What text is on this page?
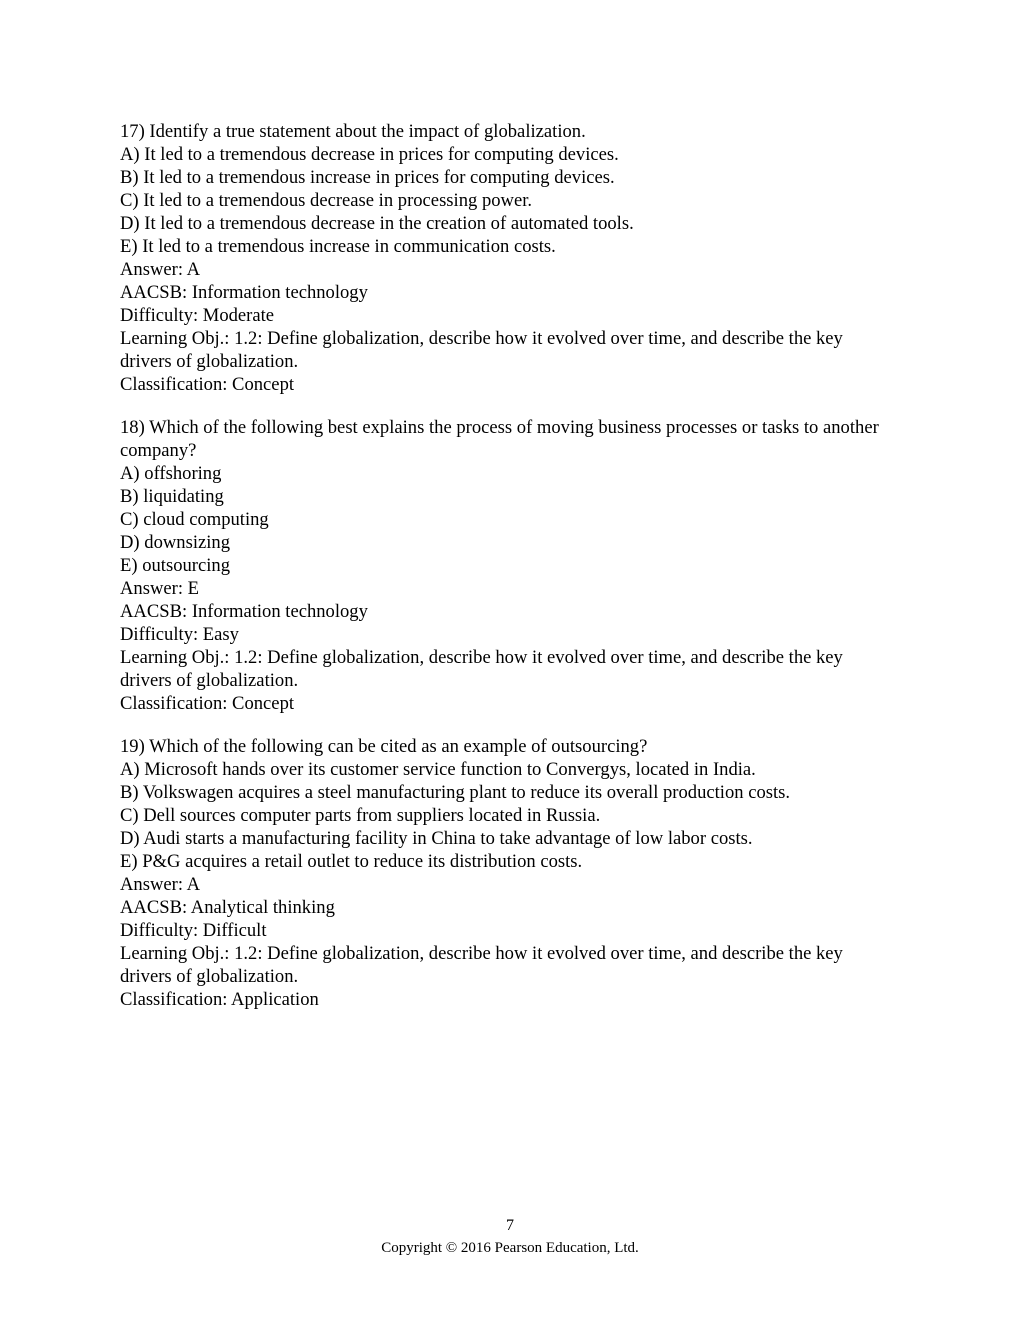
17) Identify a true statement about the impact of globalization.
A) It led to a tremendous decrease in prices for computing devices.
B) It led to a tremendous increase in prices for computing devices.
C) It led to a tremendous decrease in processing power.
D) It led to a tremendous decrease in the creation of automated tools.
E) It led to a tremendous increase in communication costs.
Answer: A
AACSB: Information technology
Difficulty: Moderate
Learning Obj.: 1.2: Define globalization, describe how it evolved over time, and describe the key drivers of globalization.
Classification: Concept
18) Which of the following best explains the process of moving business processes or tasks to another company?
A) offshoring
B) liquidating
C) cloud computing
D) downsizing
E) outsourcing
Answer: E
AACSB: Information technology
Difficulty: Easy
Learning Obj.: 1.2: Define globalization, describe how it evolved over time, and describe the key drivers of globalization.
Classification: Concept
19) Which of the following can be cited as an example of outsourcing?
A) Microsoft hands over its customer service function to Convergys, located in India.
B) Volkswagen acquires a steel manufacturing plant to reduce its overall production costs.
C) Dell sources computer parts from suppliers located in Russia.
D) Audi starts a manufacturing facility in China to take advantage of low labor costs.
E) P&G acquires a retail outlet to reduce its distribution costs.
Answer: A
AACSB: Analytical thinking
Difficulty: Difficult
Learning Obj.: 1.2: Define globalization, describe how it evolved over time, and describe the key drivers of globalization.
Classification: Application
7
Copyright © 2016 Pearson Education, Ltd.
